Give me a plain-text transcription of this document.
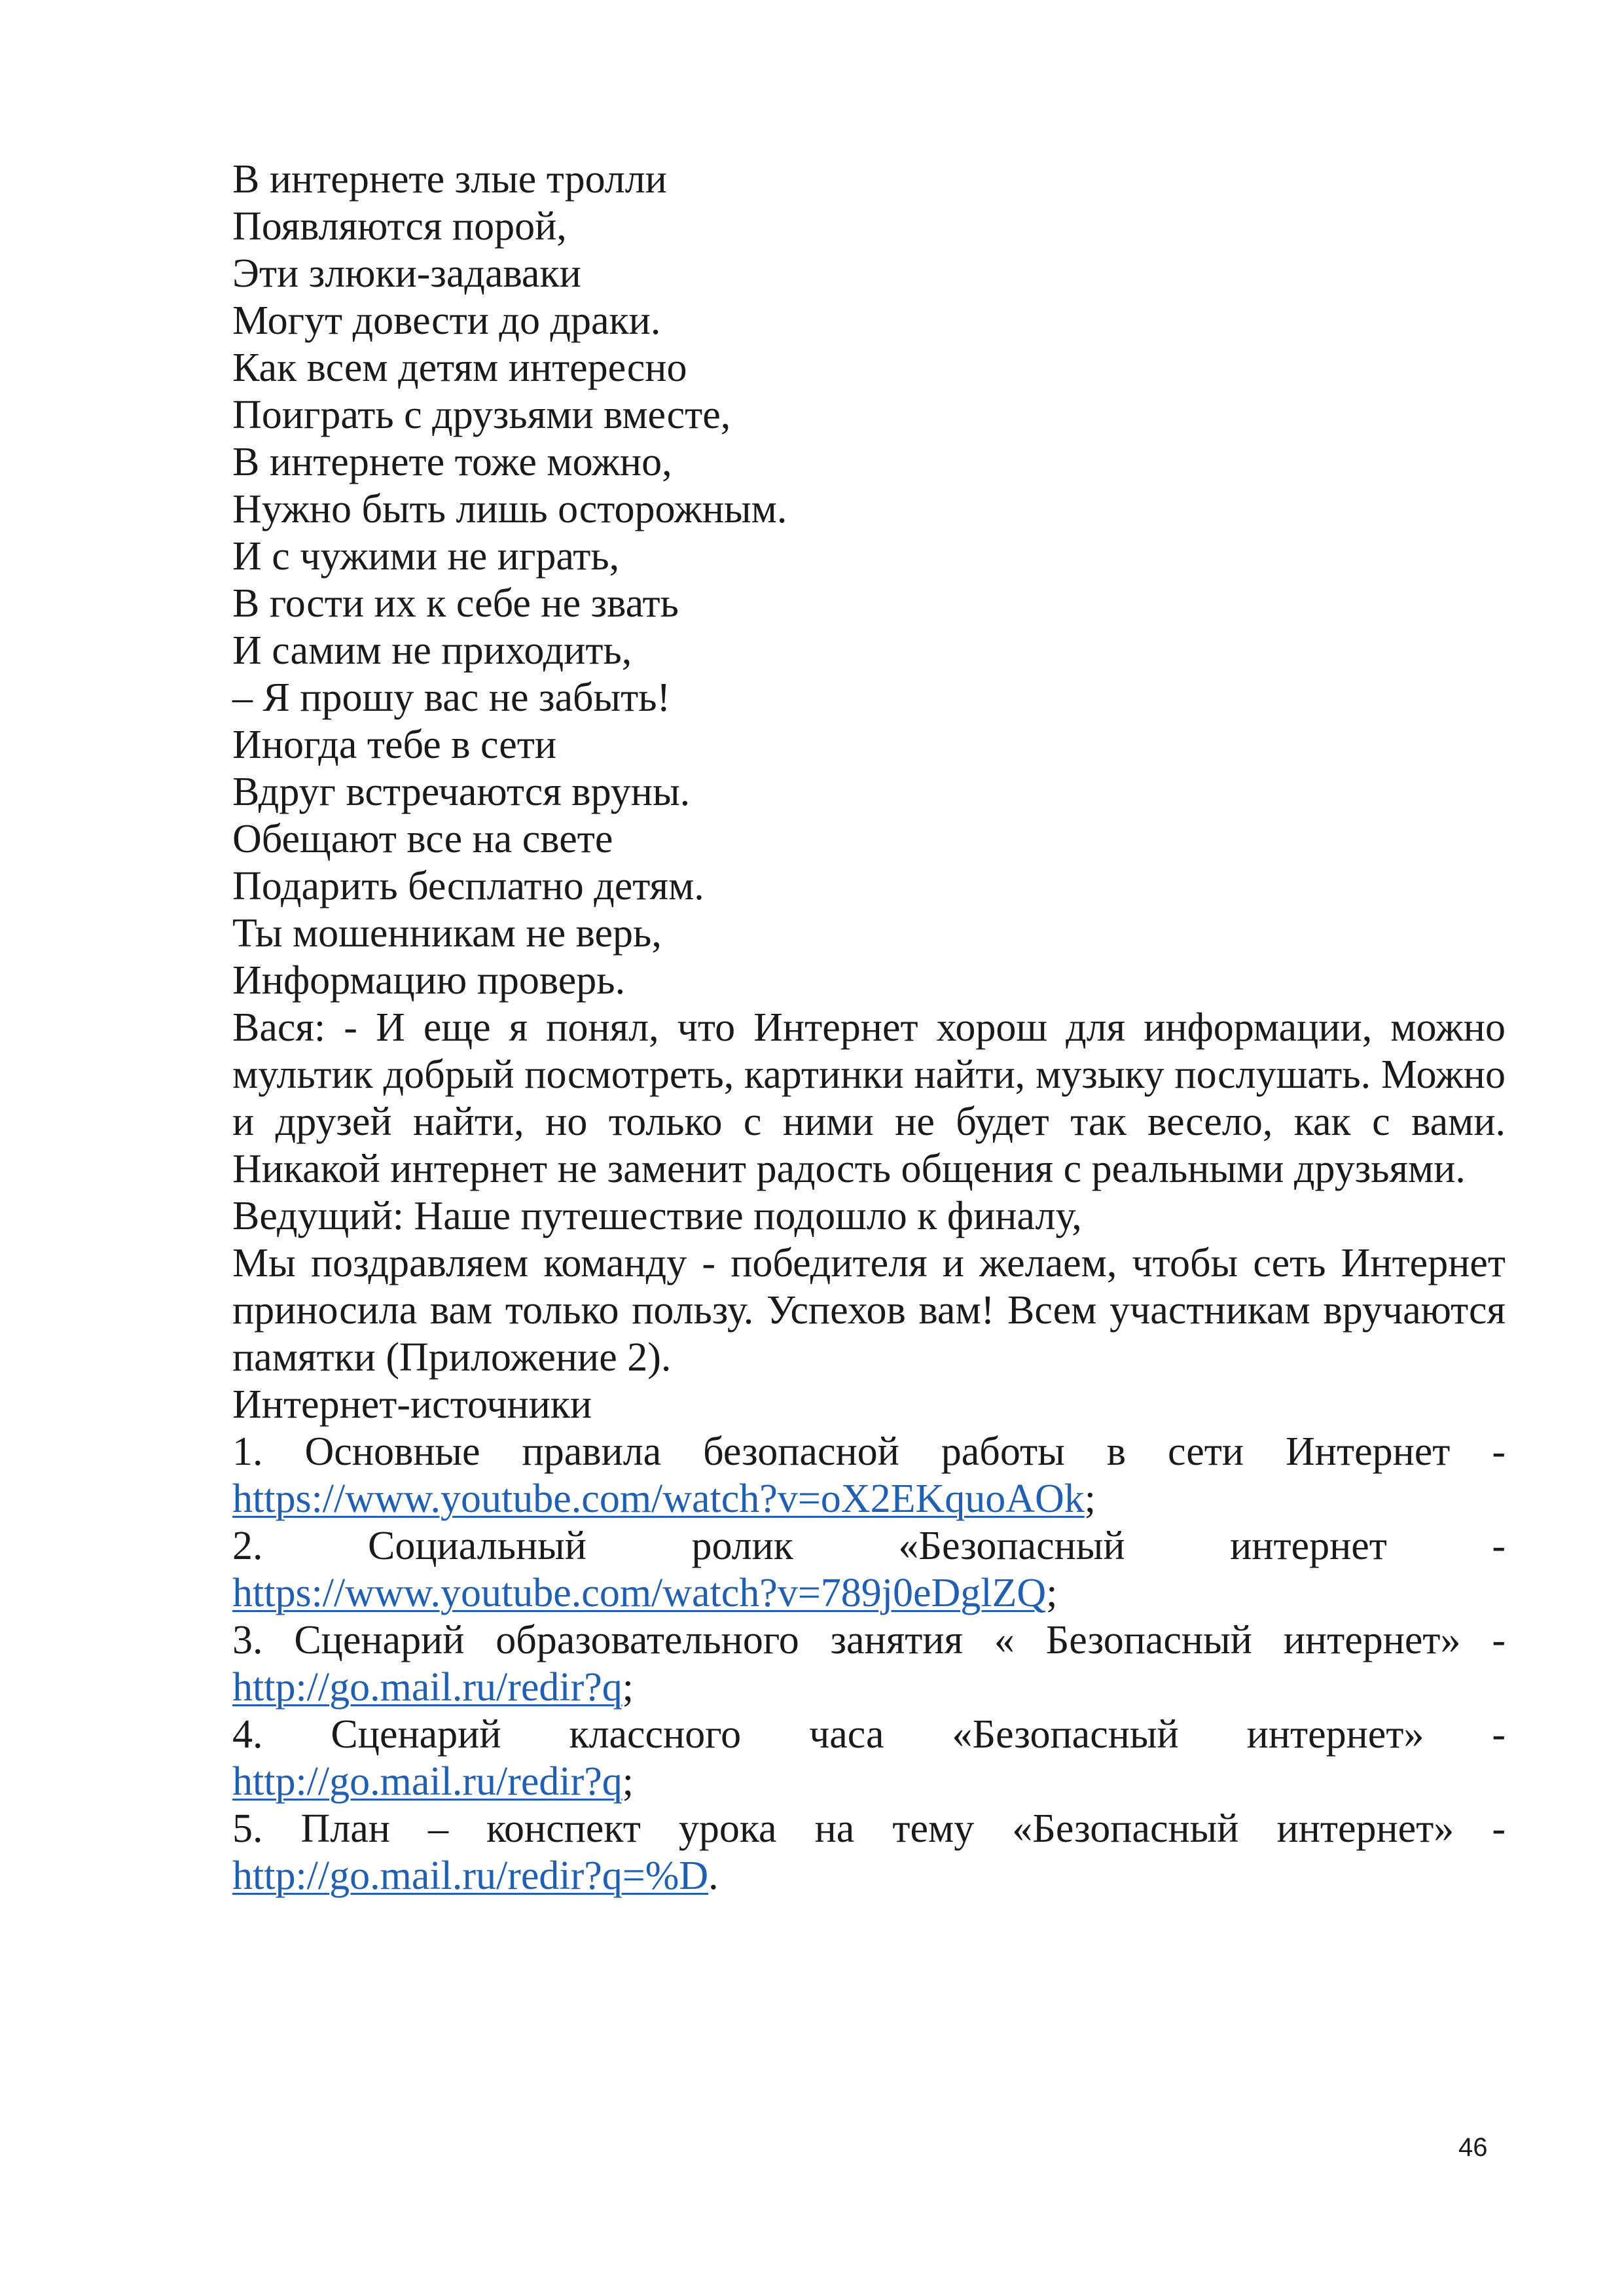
В интернете злые тролли
Появляются порой,
Эти злюки-задаваки
Могут довести до драки.
Как всем детям интересно
Поиграть с друзьями вместе,
В интернете тоже можно,
Нужно быть лишь осторожным.
И с чужими не играть,
В гости их к себе не звать
И самим не приходить,
– Я прошу вас не забыть!
Иногда тебе в сети
Вдруг встречаются вруны.
Обещают все на свете
Подарить бесплатно детям.
Ты мошенникам не верь,
Информацию проверь.
Вася: - И еще я понял, что Интернет хорош для информации, можно мультик добрый посмотреть, картинки найти, музыку послушать. Можно и друзей найти, но только с ними не будет так весело, как с вами. Никакой интернет не заменит радость общения с реальными друзьями.
Ведущий: Наше путешествие подошло к финалу,
Мы поздравляем команду - победителя и желаем, чтобы сеть Интернет приносила вам только пользу. Успехов вам! Всем участникам вручаются памятки (Приложение 2).
Интернет-источники
1. Основные правила безопасной работы в сети Интернет -
https://www.youtube.com/watch?v=oX2EKquoAOk;
2. Социальный ролик «Безопасный интернет -
https://www.youtube.com/watch?v=789j0eDglZQ;
3. Сценарий образовательного занятия « Безопасный интернет» -
http://go.mail.ru/redir?q;
4. Сценарий классного часа «Безопасный интернет» -
http://go.mail.ru/redir?q;
5. План – конспект урока на тему «Безопасный интернет» -
http://go.mail.ru/redir?q=%D.
46
